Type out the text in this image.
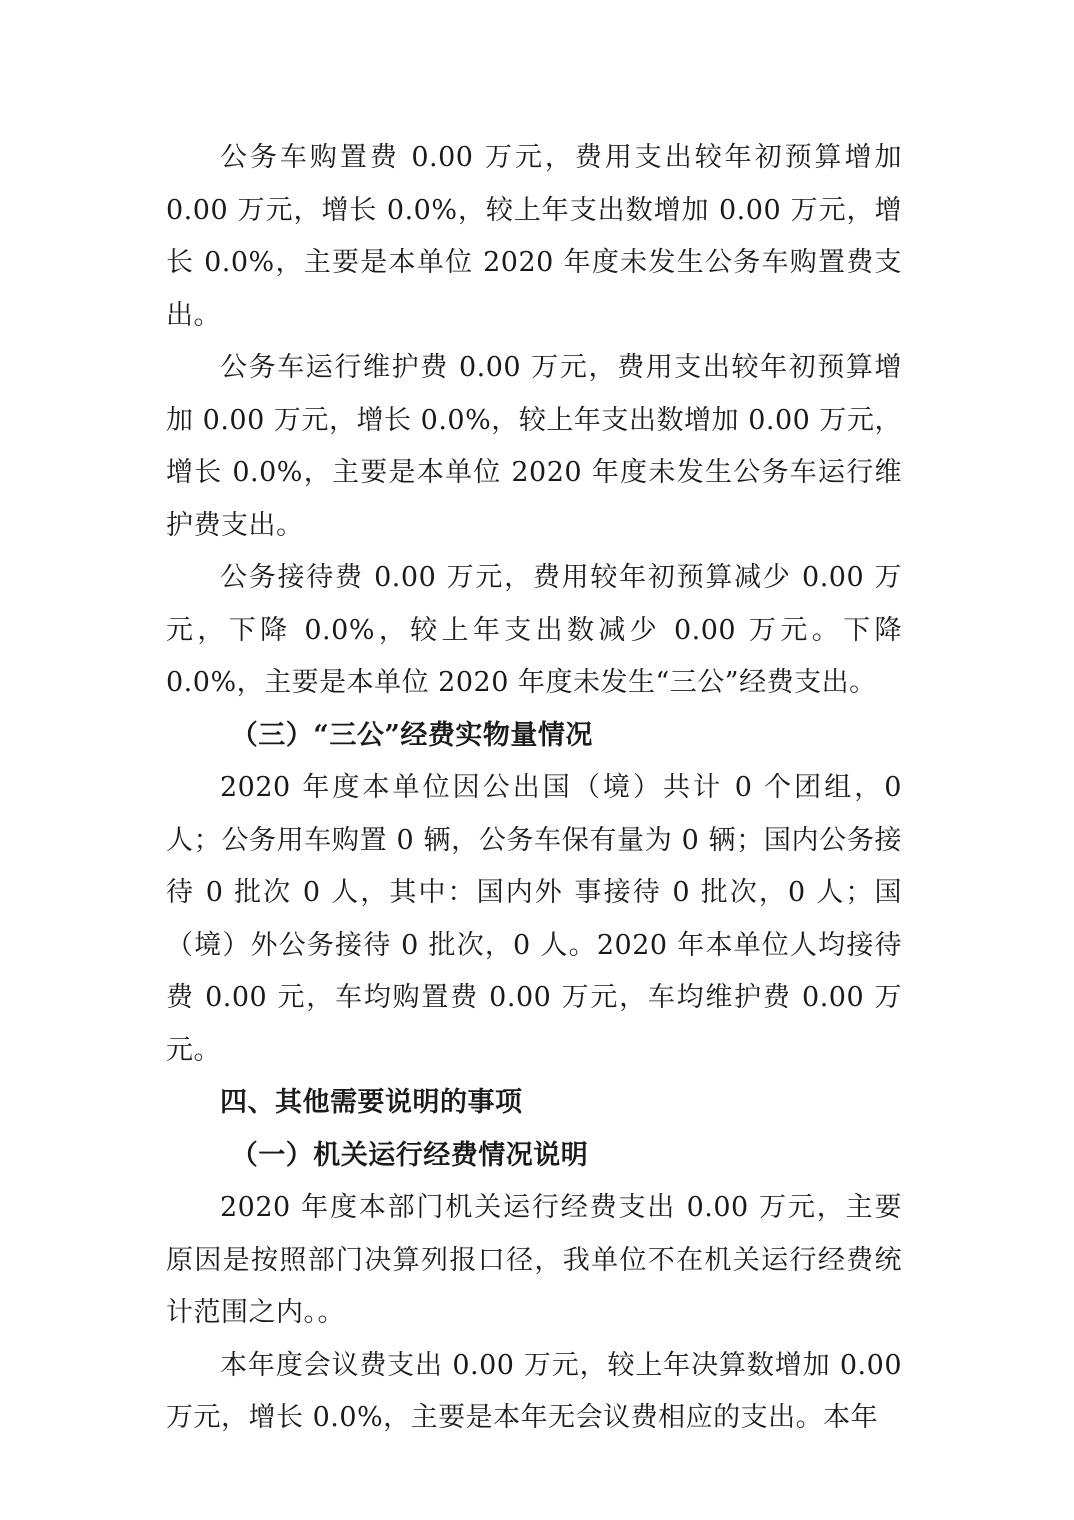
公务车购置费 0.00 万元，费用支出较年初预算增加 0.00 万元，增长 0.0%，较上年支出数增加 0.00 万元，增长 0.0%，主要是本单位 2020 年度未发生公务车购置费支出。

公务车运行维护费 0.00 万元，费用支出较年初预算增加 0.00 万元，增长 0.0%，较上年支出数增加 0.00 万元，增长 0.0%，主要是本单位 2020 年度未发生公务车运行维护费支出。

公务接待费 0.00 万元，费用较年初预算减少 0.00 万元，下降 0.0%，较上年支出数减少 0.00 万元。下降 0.0%，主要是本单位 2020 年度未发生“三公”经费支出。

（三）“三公”经费实物量情况

2020 年度本单位因公出国（境）共计 0 个团组，0 人；公务用车购置 0 辆，公务车保有量为 0 辆；国内公务接待 0 批次 0 人，其中：国内外 事接待 0 批次，0 人；国（境）外公务接待 0 批次，0 人。2020 年本单位人均接待费 0.00 元，车均购置费 0.00 万元，车均维护费 0.00 万元。

四、其他需要说明的事项

（一）机关运行经费情况说明

2020 年度本部门机关运行经费支出 0.00 万元，主要原因是按照部门决算列报口径，我单位不在机关运行经费统计范围之内。。

本年度会议费支出 0.00 万元，较上年决算数增加 0.00 万元，增长 0.0%，主要是本年无会议费相应的支出。本年
